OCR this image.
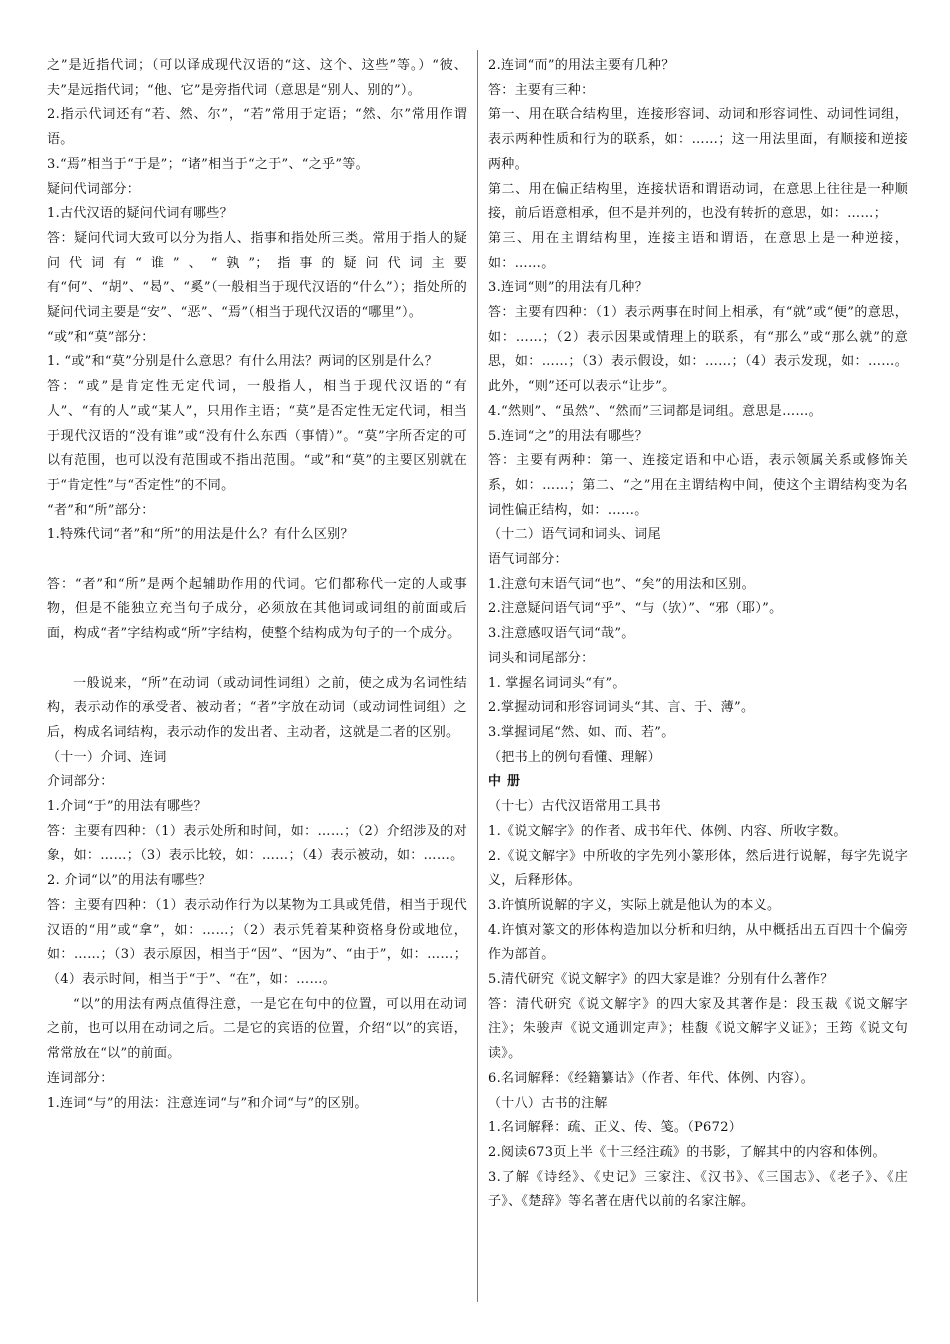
之”是近指代词；（可以译成现代汉语的“这、这个、这些”等。）“彼、夫”是远指代词；“他、它”是旁指代词（意思是“别人、别的”）。

2.指示代词还有“若、然、尔”，“若”常用于定语；“然、尔”常用作谓语。

3.“焉”相当于“于是”；“诸”相当于“之于”、“之乎”等。

疑问代词部分：

1.古代汉语的疑问代词有哪些？

答：疑问代词大致可以分为指人、指事和指处所三类。常用于指人的疑问代词有“谁”、“孰”；指事的疑问代词主要有“何”、“胡”、“曷”、“奚”（一般相当于现代汉语的“什么”）；指处所的疑问代词主要是“安”、“恶”、“焉”（相当于现代汉语的“哪里”）。

“或”和“莫”部分：

1. “或”和“莫”分别是什么意思？有什么用法？两词的区别是什么？

答：“或”是肯定性无定代词，一般指人，相当于现代汉语的“有人”、“有的人”或“某人”，只用作主语；“莫”是否定性无定代词，相当于现代汉语的“没有谁”或“没有什么东西（事情）”。“莫”字所否定的可以有范围，也可以没有范围或不指出范围。“或”和“莫”的主要区别就在于“肯定性”与“否定性”的不同。

“者”和“所”部分：

1.特殊代词“者”和“所”的用法是什么？有什么区别？

答：“者”和“所”是两个起辅助作用的代词。它们都称代一定的人或事物，但是不能独立充当句子成分，必须放在其他词或词组的前面或后面，构成“者”字结构或“所”字结构，使整个结构成为句子的一个成分。

一般说来，“所”在动词（或动词性词组）之前，使之成为名词性结构，表示动作的承受者、被动者；“者”字放在动词（或动词性词组）之后，构成名词结构，表示动作的发出者、主动者，这就是二者的区别。

（十一）介词、连词

介词部分：

1.介词“于”的用法有哪些？

答：主要有四种：（1）表示处所和时间，如：……；（2）介绍涉及的对象，如：……；（3）表示比较，如：……；（4）表示被动，如：……。

2. 介词“以”的用法有哪些？

答：主要有四种：（1）表示动作行为以某物为工具或凭借，相当于现代汉语的“用”或“拿”，如：……；（2）表示凭着某种资格身份或地位，如：……；（3）表示原因，相当于“因”、“因为”、“由于”，如：……；（4）表示时间，相当于“于”、“在”，如：……。

“以”的用法有两点值得注意，一是它在句中的位置，可以用在动词之前，也可以用在动词之后。二是它的宾语的位置，介绍“以”的宾语，常常放在“以”的前面。

连词部分：

1.连词“与”的用法：注意连词“与”和介词“与”的区别。

2.连词“而”的用法主要有几种？

答：主要有三种：

第一、用在联合结构里，连接形容词、动词和形容词性、动词性词组，表示两种性质和行为的联系，如：……；这一用法里面，有顺接和逆接两种。

第二、用在偏正结构里，连接状语和谓语动词，在意思上往往是一种顺接，前后语意相承，但不是并列的，也没有转折的意思，如：……；

第三、用在主谓结构里，连接主语和谓语，在意思上是一种逆接，如：……。

3.连词“则”的用法有几种？

答：主要有四种：（1）表示两事在时间上相承，有“就”或“便”的意思，如：……；（2）表示因果或情理上的联系，有“那么”或“那么就”的意思，如：……；（3）表示假设，如：……；（4）表示发现，如：……。此外，“则”还可以表示“让步”。

4.“然则”、“虽然”、“然而”三词都是词组。意思是……。

5.连词“之”的用法有哪些？

答：主要有两种：第一、连接定语和中心语，表示领属关系或修饰关系，如：……；第二、“之”用在主谓结构中间，使这个主谓结构变为名词性偏正结构，如：……。

（十二）语气词和词头、词尾

语气词部分：

1.注意句末语气词“也”、“矣”的用法和区别。

2.注意疑问语气词“乎”、“与（欤）”、“邪（耶）”。

3.注意感叹语气词“哉”。

词头和词尾部分：

1. 掌握名词词头“有”。

2.掌握动词和形容词词头“其、言、于、薄”。

3.掌握词尾“然、如、而、若”。

（把书上的例句看懂、理解）

中册

（十七）古代汉语常用工具书

1.《说文解字》的作者、成书年代、体例、内容、所收字数。

2.《说文解字》中所收的字先列小篆形体，然后进行说解，每字先说字义，后释形体。

3.许慎所说解的字义，实际上就是他认为的本义。

4.许慎对篆文的形体构造加以分析和归纳，从中概括出五百四十个偏旁作为部首。

5.清代研究《说文解字》的四大家是谁？分别有什么著作？

答：清代研究《说文解字》的四大家及其著作是：段玉裁《说文解字注》；朱骏声《说文通训定声》；桂馥《说文解字义证》；王筠《说文句读》。

6.名词解释：《经籍纂诂》（作者、年代、体例、内容）。

（十八）古书的注解

1.名词解释：疏、正义、传、笺。（P672）

2.阅读673页上半《十三经注疏》的书影，了解其中的内容和体例。

3.了解《诗经》、《史记》三家注、《汉书》、《三国志》、《老子》、《庄子》、《楚辞》等名著在唐代以前的名家注解。
